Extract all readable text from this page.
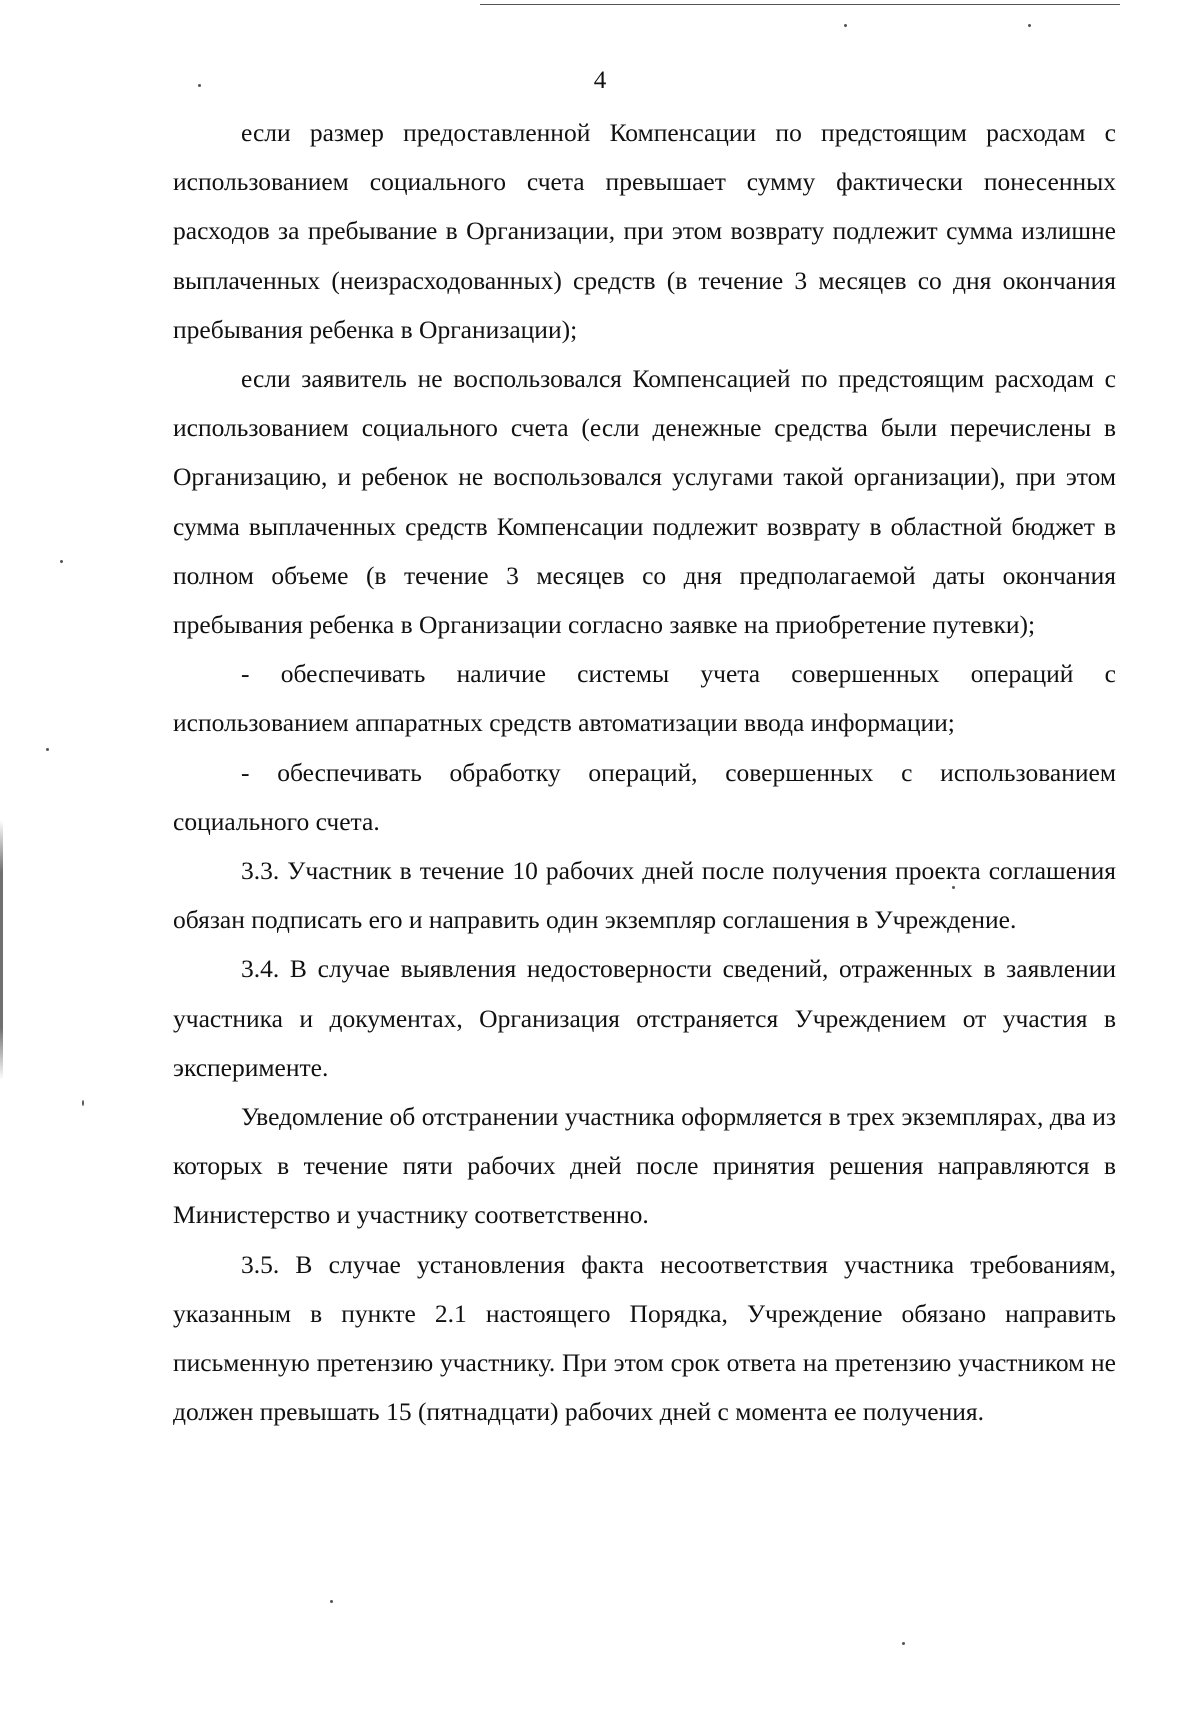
4

если размер предоставленной Компенсации по предстоящим расходам с использованием социального счета превышает сумму фактически понесенных расходов за пребывание в Организации, при этом возврату подлежит сумма излишне выплаченных (неизрасходованных) средств (в течение 3 месяцев со дня окончания пребывания ребенка в Организации);

если заявитель не воспользовался Компенсацией по предстоящим расходам с использованием социального счета (если денежные средства были перечислены в Организацию, и ребенок не воспользовался услугами такой организации), при этом сумма выплаченных средств Компенсации подлежит возврату в областной бюджет в полном объеме (в течение 3 месяцев со дня предполагаемой даты окончания пребывания ребенка в Организации согласно заявке на приобретение путевки);

- обеспечивать наличие системы учета совершенных операций с использованием аппаратных средств автоматизации ввода информации;

- обеспечивать обработку операций, совершенных с использованием социального счета.

3.3. Участник в течение 10 рабочих дней после получения проекта соглашения обязан подписать его и направить один экземпляр соглашения в Учреждение.

3.4. В случае выявления недостоверности сведений, отраженных в заявлении участника и документах, Организация отстраняется Учреждением от участия в эксперименте.

Уведомление об отстранении участника оформляется в трех экземплярах, два из которых в течение пяти рабочих дней после принятия решения направляются в Министерство и участнику соответственно.

3.5. В случае установления факта несоответствия участника требованиям, указанным в пункте 2.1 настоящего Порядка, Учреждение обязано направить письменную претензию участнику. При этом срок ответа на претензию участником не должен превышать 15 (пятнадцати) рабочих дней с момента ее получения.
